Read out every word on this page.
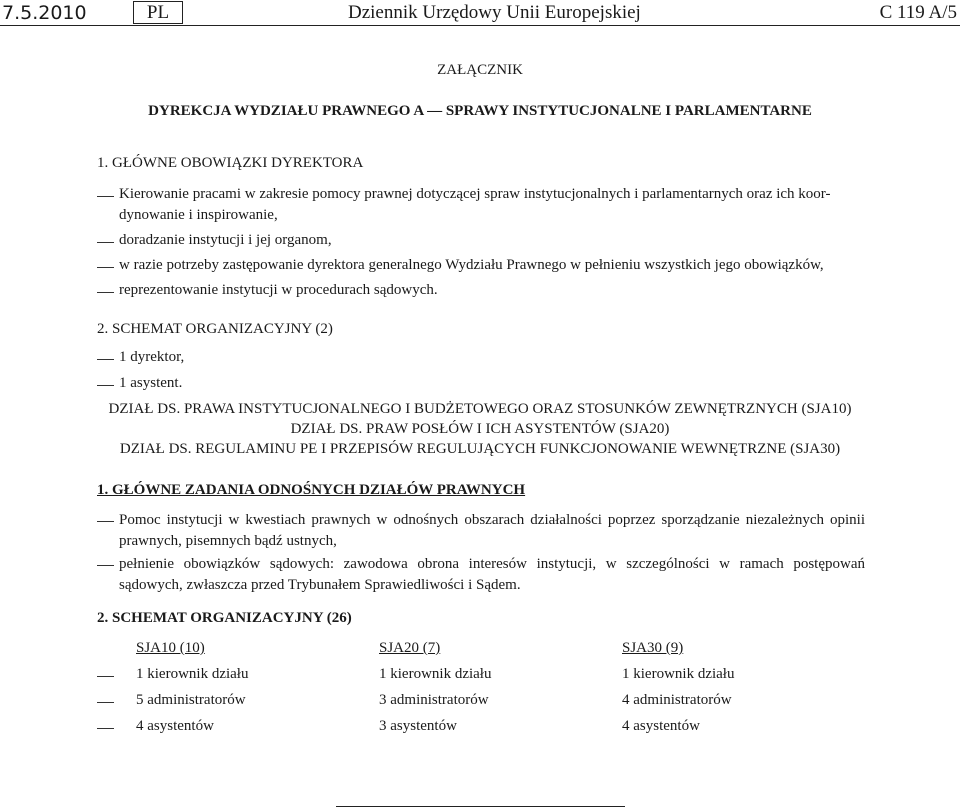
7.5.2010	PL	Dziennik Urzędowy Unii Europejskiej	C 119 A/5
ZAŁĄCZNIK
DYREKCJA WYDZIAŁU PRAWNEGO A — SPRAWY INSTYTUCJONALNE I PARLAMENTARNE
1. GŁÓWNE OBOWIĄZKI DYREKTORA
Kierowanie pracami w zakresie pomocy prawnej dotyczącej spraw instytucjonalnych i parlamentarnych oraz ich koor-
dynowanie i inspirowanie,
doradzanie instytucji i jej organom,
w razie potrzeby zastępowanie dyrektora generalnego Wydziału Prawnego w pełnieniu wszystkich jego obowiązków,
reprezentowanie instytucji w procedurach sądowych.
2. SCHEMAT ORGANIZACYJNY (2)
1 dyrektor,
1 asystent.
DZIAŁ DS. PRAWA INSTYTUCJONALNEGO I BUDŻETOWEGO ORAZ STOSUNKÓW ZEWNĘTRZNYCH (SJA10)
DZIAŁ DS. PRAW POSŁÓW I ICH ASYSTENTÓW (SJA20)
DZIAŁ DS. REGULAMINU PE I PRZEPISÓW REGULUJĄCYCH FUNKCJONOWANIE WEWNĘTRZNE (SJA30)
1. GŁÓWNE ZADANIA ODNOŚNYCH DZIAŁÓW PRAWNYCH
Pomoc instytucji w kwestiach prawnych w odnośnych obszarach działalności poprzez sporządzanie niezależnych opinii prawnych, pisemnych bądź ustnych,
pełnienie obowiązków sądowych: zawodowa obrona interesów instytucji, w szczególności w ramach postępowań sądowych, zwłaszcza przed Trybunałem Sprawiedliwości i Sądem.
2. SCHEMAT ORGANIZACYJNY (26)
SJA10 (10)	SJA20 (7)	SJA30 (9)
1 kierownik działu	1 kierownik działu	1 kierownik działu
5 administratorów	3 administratorów	4 administratorów
4 asystentów	3 asystentów	4 asystentów
